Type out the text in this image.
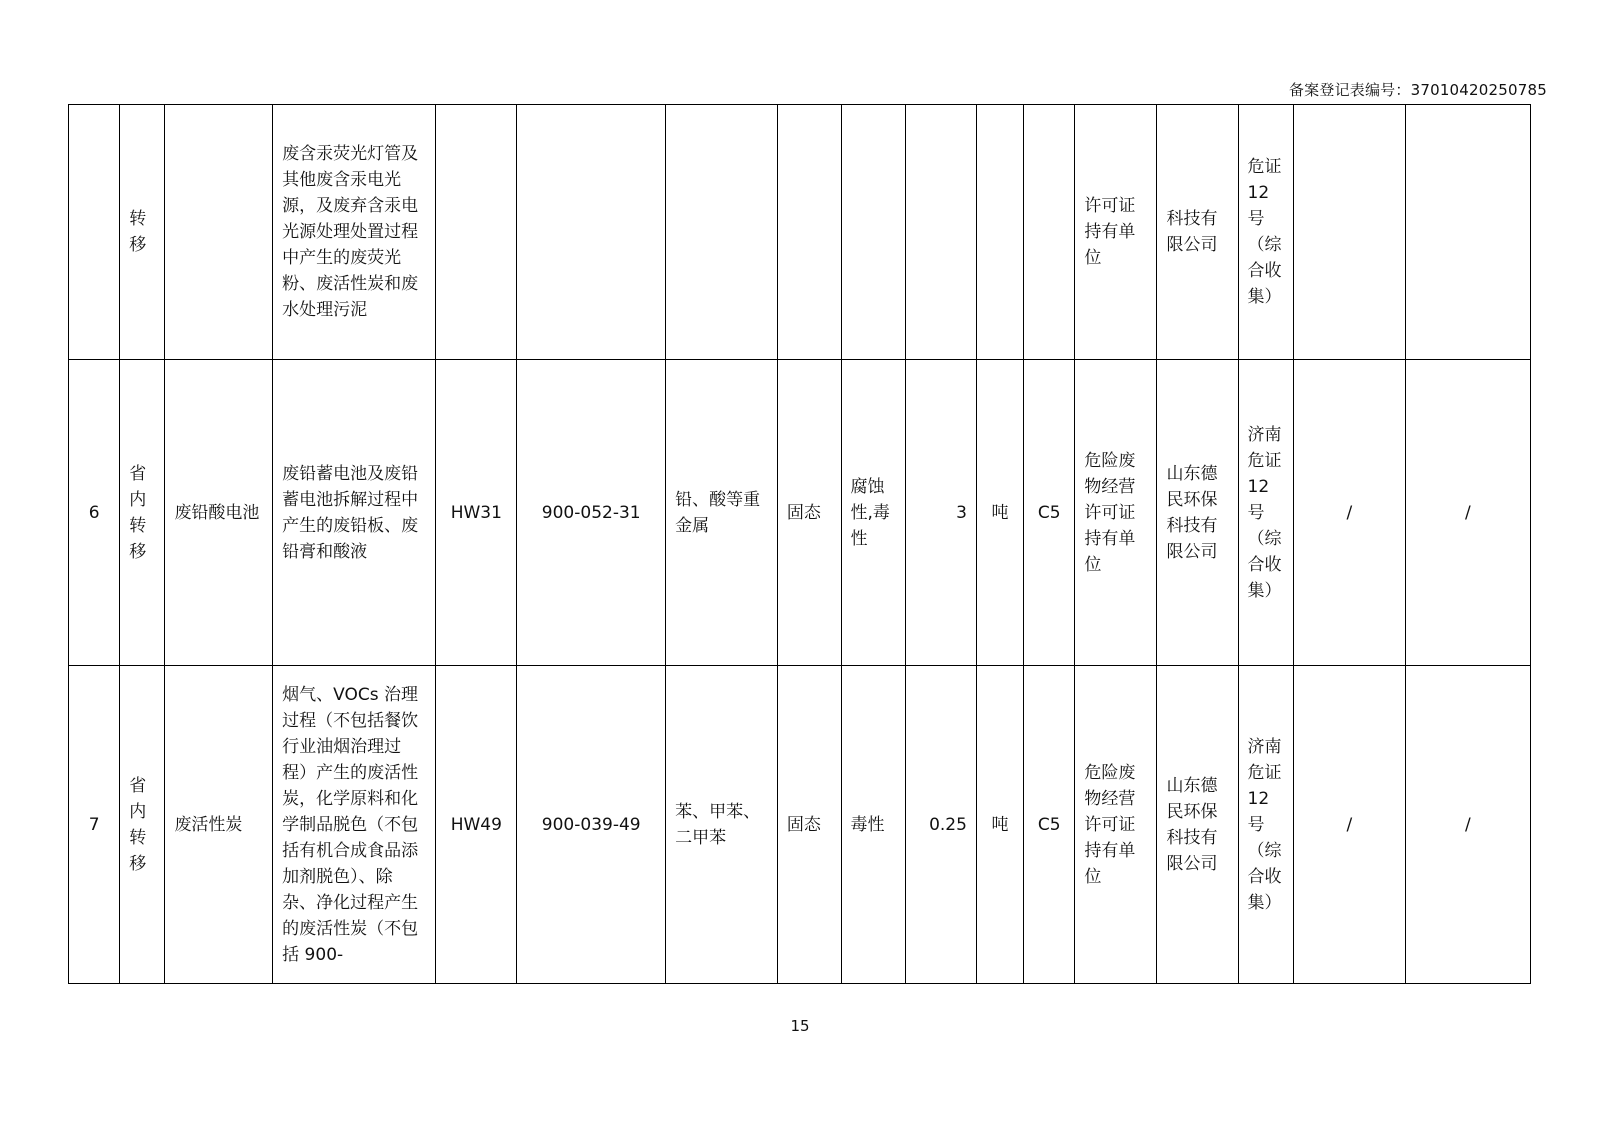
备案登记表编号：37010420250785
	转移		废含汞荧光灯管及其他废含汞电光源，及废弃含汞电光源处理处置过程中产生的废荧光粉、废活性炭和废水处理污泥									许可证持有单位	科技有限公司	危证12号（综合收集）		
6	省内转移	废铅酸电池	废铅蓄电池及废铅蓄电池拆解过程中产生的废铅板、废铅膏和酸液	HW31	900-052-31	铅、酸等重金属	固态	腐蚀性,毒性	3	吨	C5	危险废物经营许可证持有单位	山东德民环保科技有限公司	济南危证12号（综合收集）	/	/
7	省内转移	废活性炭	烟气、VOCs 治理过程（不包括餐饮行业油烟治理过程）产生的废活性炭，化学原料和化学制品脱色（不包括有机合成食品添加剂脱色）、除杂、净化过程产生的废活性炭（不包括 900-	HW49	900-039-49	苯、甲苯、二甲苯	固态	毒性	0.25	吨	C5	危险废物经营许可证持有单位	山东德民环保科技有限公司	济南危证12号（综合收集）	/	/
15
